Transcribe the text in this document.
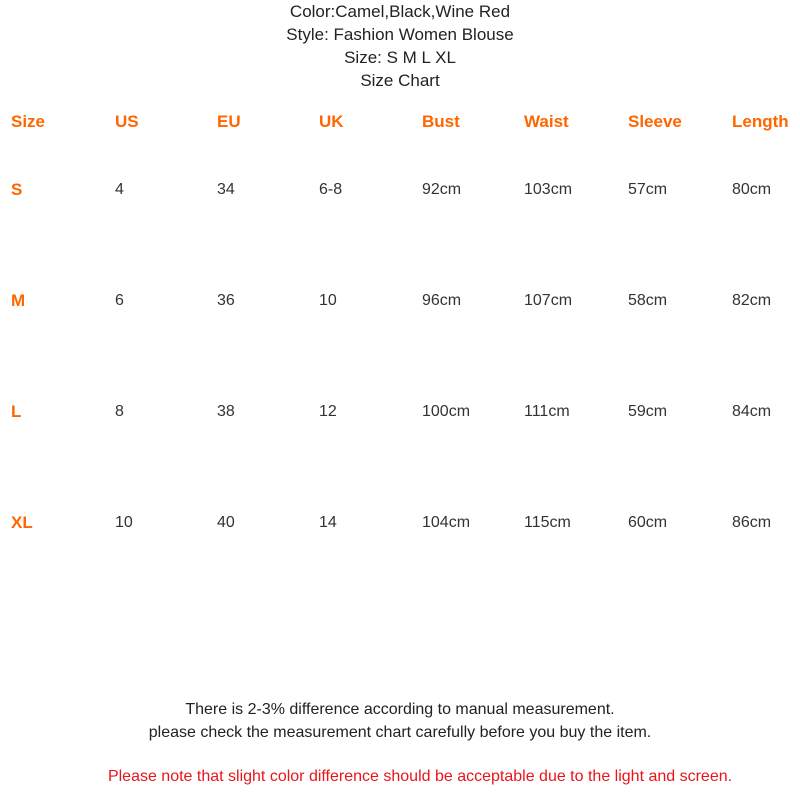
Color:Camel,Black,Wine Red
Style: Fashion Women Blouse
Size: S M L XL
Size Chart
Size	US	EU	UK	Bust	Waist	Sleeve	Length
S	4	34	6-8	92cm	103cm	57cm	80cm
M	6	36	10	96cm	107cm	58cm	82cm
L	8	38	12	100cm	111cm	59cm	84cm
XL	10	40	14	104cm	115cm	60cm	86cm
There is 2-3% difference according to manual measurement.
please check the measurement chart carefully before you buy the item.
Please note that slight color difference should be acceptable due to the light and screen.
